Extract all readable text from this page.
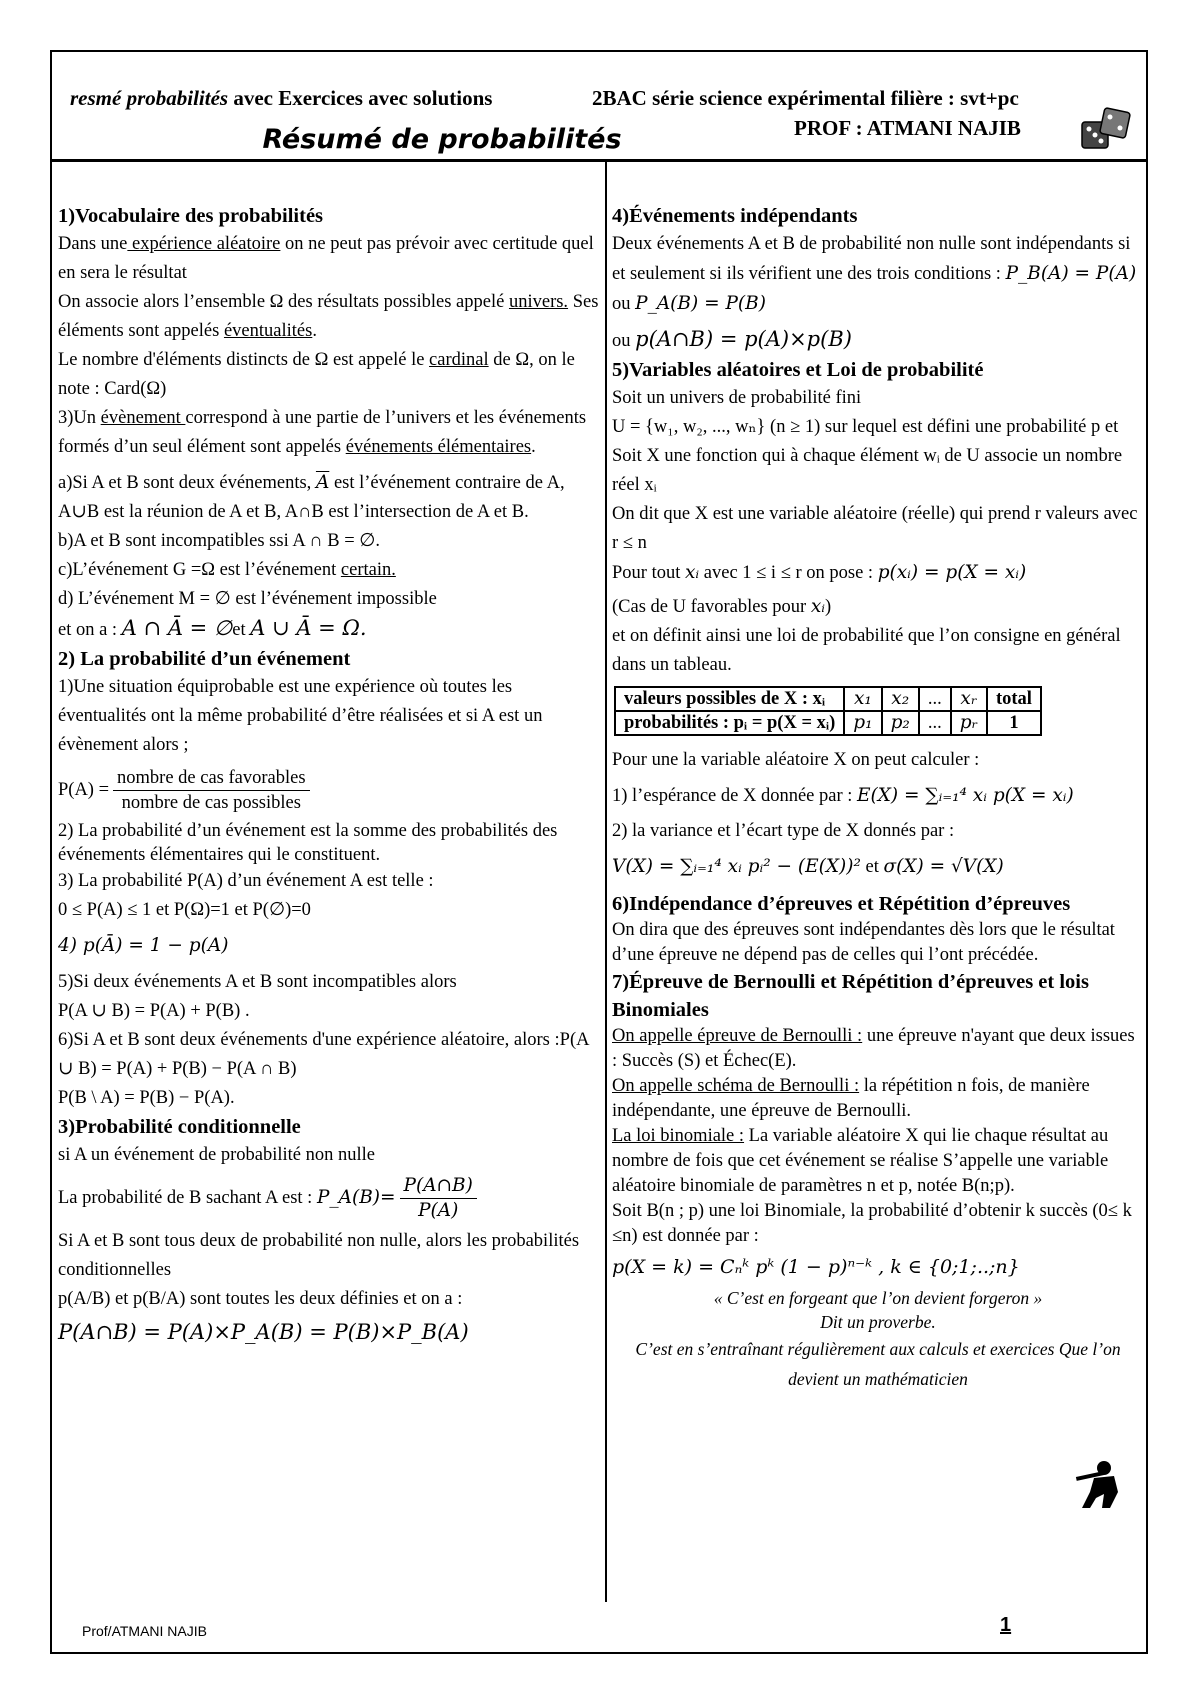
resmé probabilités avec Exercices avec solutions	2BAC série science expérimental filière : svt+pc
Résumé de probabilités	PROF : ATMANI NAJIB

1)Vocabulaire des probabilités

Dans une expérience aléatoire on ne peut pas prévoir avec certitude quel en sera le résultat

On associe alors l’ensemble Ω des résultats possibles appelé univers. Ses éléments sont appelés éventualités.

Le nombre d'éléments distincts de Ω est appelé le cardinal de Ω, on le note : Card(Ω)

3)Un évènement correspond à une partie de l’univers et les événements formés d’un seul élément sont appelés événements élémentaires.

a)Si A et B sont deux événements, $\overline{A}$ est l’événement contraire de A, A∪B est la réunion de A et B, A∩B est l’intersection de A et B.

b)A et B sont incompatibles ssi A ∩ B = ∅.

c)L’événement G =Ω est l’événement certain.

d) L’événement M = ∅ est l’événement impossible

et on a : A ∩ Ā = ∅et A ∪ Ā = Ω.

2) La probabilité d’un événement

1)Une situation équiprobable est une expérience où toutes les éventualités ont la même probabilité d’être réalisées et si A est un évènement alors ;

$P(A) = \frac{\text{nombre de cas favorables}}{\text{nombre de cas possibles}}$

2) La probabilité d’un événement est la somme des probabilités des événements élémentaires qui le constituent.

3) La probabilité P(A) d’un événement A est telle :

0 ≤ P(A) ≤ 1 et P(Ω)=1 et P(∅)=0

4) p(Ā) = 1 − p(A)

5)Si deux événements A et B sont incompatibles alors

P(A ∪ B) = P(A) + P(B) .

6)Si A et B sont deux événements d'une expérience aléatoire, alors :P(A ∪ B) = P(A) + P(B) − P(A ∩ B)

P(B \ A) = P(B) − P(A).

3)Probabilité conditionnelle

si A un événement de probabilité non nulle

La probabilité de B sachant A est : P_A(B)= $\frac{P(A\cap B)}{P(A)}$

Si A et B sont tous deux de probabilité non nulle, alors les probabilités conditionnelles

p(A/B) et p(B/A) sont toutes les deux définies et on a :

P(A∩B) = P(A)×P_A(B) = P(B)×P_B(A)

4)Événements indépendants

Deux événements A et B de probabilité non nulle sont indépendants si et seulement si ils vérifient une des trois conditions : P_B(A) = P(A) ou P_A(B) = P(B)

ou p(A∩B) = p(A)×p(B)

5)Variables aléatoires et Loi de probabilité

Soit un univers de probabilité fini

U = {w₁, w₂, ..., wₙ} (n ≥ 1) sur lequel est défini une probabilité p et Soit X une fonction qui à chaque élément wᵢ de U associe un nombre réel xᵢ

On dit que X est une variable aléatoire (réelle) qui prend r valeurs avec r ≤ n

Pour tout xᵢ avec 1 ≤ i ≤ r on pose : p(xᵢ) = p(X = xᵢ)

(Cas de U favorables pour xᵢ)

et on définit ainsi une loi de probabilité que l’on consigne en général dans un tableau.

valeurs possibles de X : xᵢ	x₁	x₂	...	xᵣ	total
probabilités : pᵢ = p(X = xᵢ)	p₁	p₂	...	pᵣ	1

Pour une la variable aléatoire X on peut calculer :

1) l’espérance de X donnée par : E(X) = ∑ᵢ₌₁⁴ xᵢ p(X = xᵢ)

2) la variance et l’écart type de X donnés par :

V(X) = ∑ᵢ₌₁⁴ xᵢ pᵢ² − (E(X))² et σ(X) = √V(X)

6)Indépendance d’épreuves et Répétition d’épreuves

On dira que des épreuves sont indépendantes dès lors que le résultat d’une épreuve ne dépend pas de celles qui l’ont précédée.

7)Épreuve de Bernoulli et Répétition d’épreuves et lois Binomiales

On appelle épreuve de Bernoulli : une épreuve n'ayant que deux issues : Succès (S) et Échec(E).

On appelle schéma de Bernoulli : la répétition n fois, de manière indépendante, une épreuve de Bernoulli.

La loi binomiale : La variable aléatoire X qui lie chaque résultat au nombre de fois que cet événement se réalise S’appelle une variable aléatoire binomiale de paramètres n et p, notée B(n;p).

Soit B(n ; p) une loi Binomiale, la probabilité d’obtenir k succès (0≤ k ≤n) est donnée par :

p(X = k) = Cₙᵏ pᵏ (1 − p)ⁿ⁻ᵏ , k ∈ {0;1;..;n}

« C’est en forgeant que l’on devient forgeron »

Dit un proverbe.

C’est en s’entraînant régulièrement aux calculs et exercices Que l’on devient un mathématicien

Prof/ATMANI NAJIB	1
